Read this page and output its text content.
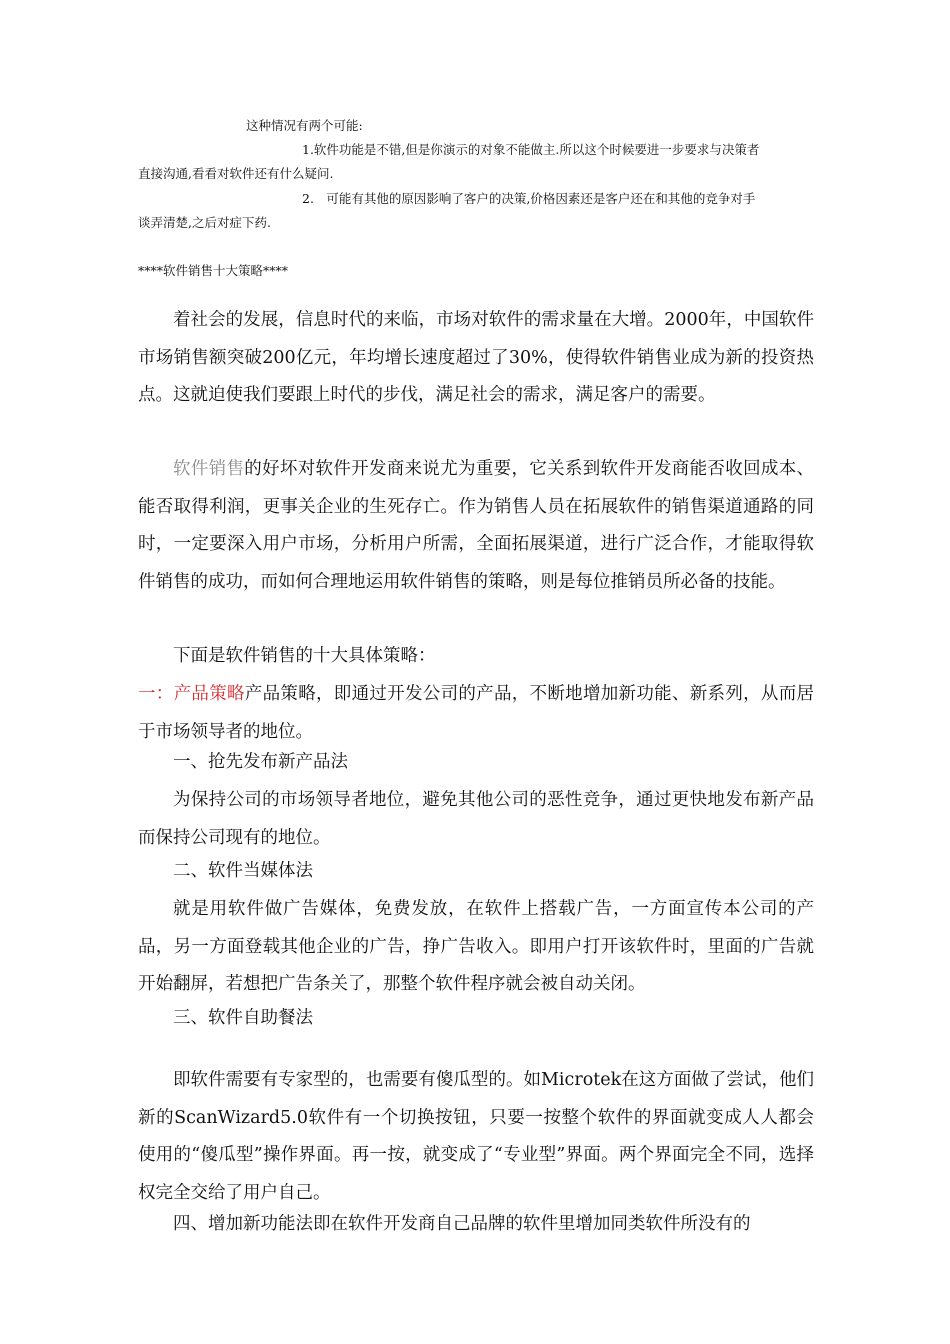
这种情况有两个可能:
1.软件功能是不错,但是你演示的对象不能做主.所以这个时候要进一步要求与决策者
直接沟通,看看对软件还有什么疑问.
2.　可能有其他的原因影响了客户的决策,价格因素还是客户还在和其他的竞争对手
谈弄清楚,之后对症下药.
****软件销售十大策略****
着社会的发展，信息时代的来临，市场对软件的需求量在大增。2000年，中国软件市场销售额突破200亿元，年均增长速度超过了30%，使得软件销售业成为新的投资热点。这就迫使我们要跟上时代的步伐，满足社会的需求，满足客户的需要。
软件销售的好坏对软件开发商来说尤为重要，它关系到软件开发商能否收回成本、能否取得利润，更事关企业的生死存亡。作为销售人员在拓展软件的销售渠道通路的同时，一定要深入用户市场，分析用户所需，全面拓展渠道，进行广泛合作，才能取得软件销售的成功，而如何合理地运用软件销售的策略，则是每位推销员所必备的技能。
下面是软件销售的十大具体策略：
一：产品策略产品策略，即通过开发公司的产品，不断地增加新功能、新系列，从而居于市场领导者的地位。
一、抢先发布新产品法
为保持公司的市场领导者地位，避免其他公司的恶性竞争，通过更快地发布新产品而保持公司现有的地位。
二、软件当媒体法
就是用软件做广告媒体，免费发放，在软件上搭载广告，一方面宣传本公司的产品，另一方面登载其他企业的广告，挣广告收入。即用户打开该软件时，里面的广告就开始翻屏，若想把广告条关了，那整个软件程序就会被自动关闭。
三、软件自助餐法
即软件需要有专家型的，也需要有傻瓜型的。如Microtek在这方面做了尝试，他们新的ScanWizard5.0软件有一个切换按钮，只要一按整个软件的界面就变成人人都会使用的“傻瓜型”操作界面。再一按，就变成了“专业型”界面。两个界面完全不同，选择权完全交给了用户自己。
四、增加新功能法即在软件开发商自己品牌的软件里增加同类软件所没有的
